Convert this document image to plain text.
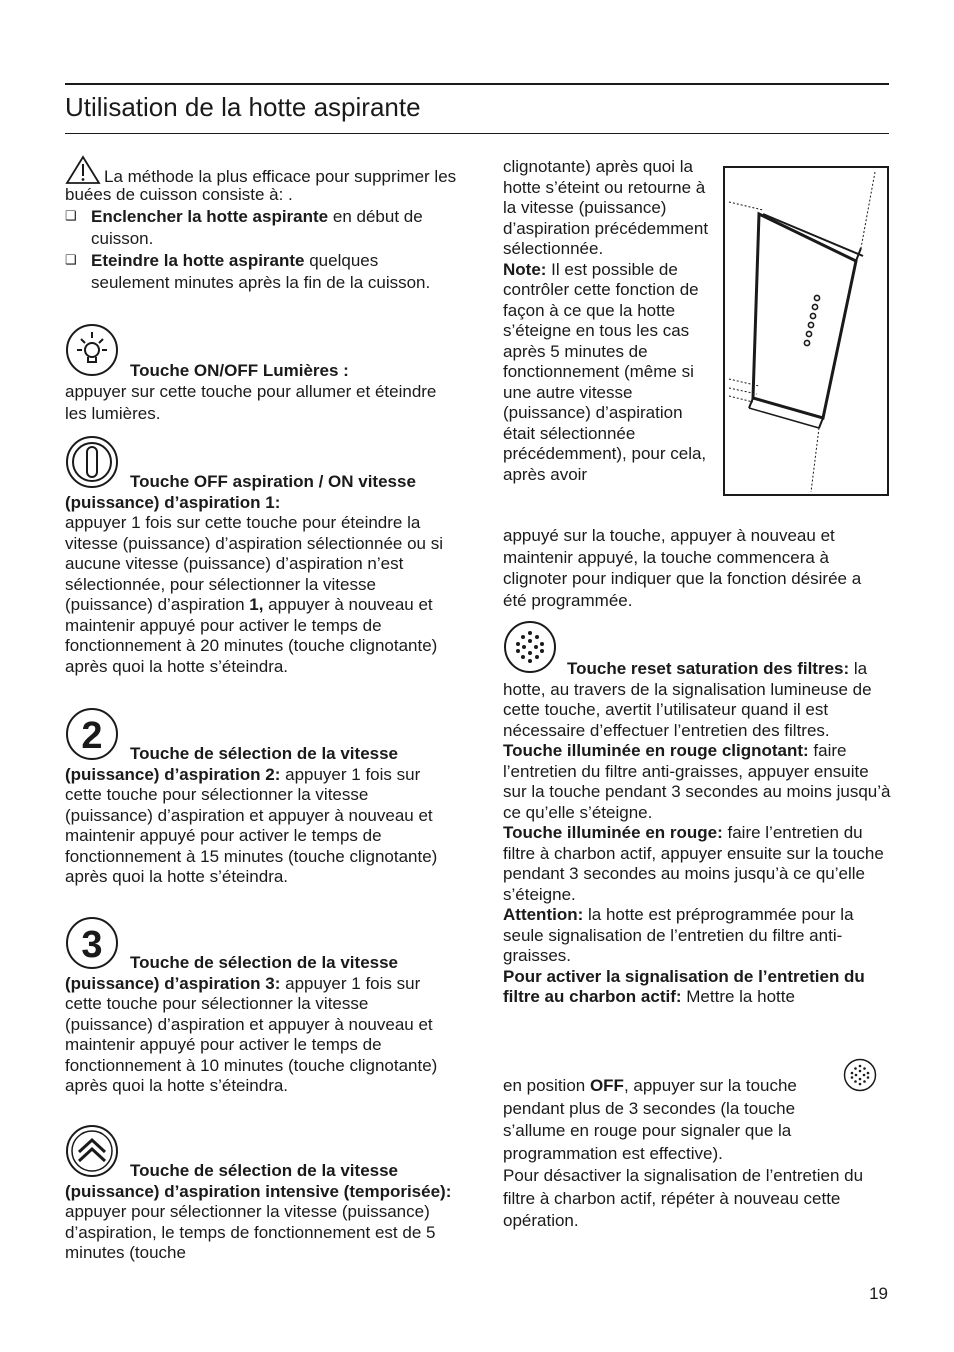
Utilisation de la hotte aspirante

La méthode la plus efficace pour supprimer les buées de cuisson consiste à: .

❑ Enclencher la hotte aspirante en début de cuisson.
❑ Eteindre la hotte aspirante quelques seulement minutes après la fin de la cuisson.

Touche ON/OFF Lumières :

appuyer sur cette touche pour allumer et éteindre les lumières.

Touche OFF aspiration / ON vitesse (puissance) d’aspiration 1:

appuyer 1 fois sur cette touche pour éteindre la vitesse (puissance) d’aspiration sélectionnée ou si aucune vitesse (puissance) d’aspiration n’est sélectionnée, pour sélectionner la vitesse (puissance) d’aspiration 1, appuyer à nouveau et maintenir appuyé pour activer le temps de fonctionnement à 20 minutes (touche clignotante) après quoi la hotte s’éteindra.

2	Touche de sélection de la vitesse (puissance) d’aspiration 2: appuyer 1 fois sur cette touche pour sélectionner la vitesse (puissance) d’aspiration et appuyer à nouveau et maintenir appuyé pour activer le temps de fonctionnement à 15 minutes (touche clignotante) après quoi la hotte s’éteindra.

3	Touche de sélection de la vitesse (puissance) d’aspiration 3: appuyer 1 fois sur cette touche pour sélectionner la vitesse (puissance) d’aspiration et appuyer à nouveau et maintenir appuyé pour activer le temps de fonctionnement à 10 minutes (touche clignotante) après quoi la hotte s’éteindra.

Touche de sélection de la vitesse (puissance) d’aspiration intensive (temporisée): appuyer pour sélectionner la vitesse (puissance) d’aspiration, le temps de fonctionnement est de 5 minutes (touche

clignotante) après quoi la hotte s’éteint ou retourne à la vitesse (puissance) d’aspiration précédemment sélectionnée.

Note: Il est possible de contrôler cette fonction de façon à ce que la hotte s’éteigne en tous les cas après 5 minutes de fonctionnement (même si une autre vitesse (puissance) d’aspiration était sélectionnée précédemment), pour cela, après avoir

appuyé sur la touche, appuyer à nouveau et maintenir appuyé, la touche commencera à clignoter pour indiquer que la fonction désirée a été programmée.

Touche reset saturation des filtres: la hotte, au travers de la signalisation lumineuse de cette touche, avertit l’utilisateur quand il est nécessaire d’effectuer l’entretien des filtres.

Touche illuminée en rouge clignotant: faire l’entretien du filtre anti-graisses, appuyer ensuite sur la touche pendant 3 secondes au moins jusqu’à ce qu’elle s’éteigne.

Touche illuminée en rouge: faire l’entretien du filtre à charbon actif, appuyer ensuite sur la touche pendant 3 secondes au moins jusqu’à ce qu’elle s’éteigne.

Attention: la hotte est préprogrammée pour la seule signalisation de l’entretien du filtre anti-graisses.

Pour activer la signalisation de l’entretien du filtre au charbon actif: Mettre la hotte

en position OFF, appuyer sur la touche

pendant plus de 3 secondes (la touche s’allume en rouge pour signaler que la programmation est effective).

Pour désactiver la signalisation de l’entretien du filtre à charbon actif, répéter à nouveau cette opération.

19
